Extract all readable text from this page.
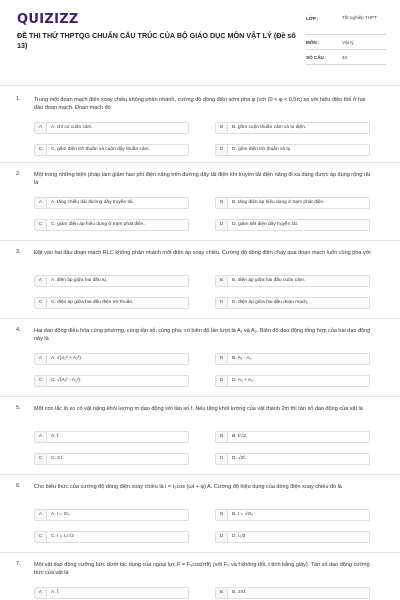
QUIZIZZ
ĐỀ THI THỬ THPTQG CHUẨN CẤU TRÚC CỦA BỘ GIÁO DỤC MÔN VẬT LÝ (Đề số 13)
LỚP :	Tốt nghiệp THPT
MÔN :	Vật lý
SỐ CÂU :	40
1. Trong một đoạn mạch điện xoay chiều không phân nhánh, cường độ dòng điện sớm pha φ (với (0 < φ < 0,5π) so với hiệu điện thế ở hai đầu đoạn mạch. Đoạn mạch đó
A	A. chỉ có cuộn cảm.	B	B. gồm cuộn thuần cảm và tụ điện.
C	C. gồm điện trở thuần và cuộn dây thuần cảm.	D	D. gồm điện trở thuần và tụ.
2. Một trong những biện pháp làm giảm hao phí điện năng trên đường dây tải điện khi truyền tải điện năng đi xa đang được áp dụng rộng rãi là
A	A. tăng chiều dài đường dây truyền tải.	B	B. tăng điện áp hiệu dụng ở trạm phát điện.
C	C. giảm điện áp hiệu dụng ở trạm phát điện.	D	D. giảm tiết diện dây truyền tải.
3. Đặt vào hai đầu đoạn mạch RLC không phân nhánh một điện áp xoay chiều. Cường độ dòng điện chạy qua đoạn mạch luôn cùng pha với
A	A. điện áp giữa hai đầu tụ.	B	B. điện áp giữa hai đầu cuộn cảm.
C	C. điện áp giữa hai đầu điện trở thuần.	D	D. điện áp giữa hai đầu đoạn mạch.
4. Hai dao động điều hòa cùng phương, cùng tần số, cùng pha, có biên độ lần lượt là A₁ và A₂. Biên độ dao động tổng hợp của hai dao động này là
A	A. √(A₁² + A₂²).	B	B. A₁ - A₂.
C	C. √(A₁² - A₂²).	D	D. A₁ + A₂.
5. Một con lắc lò xo có vật nặng khối lượng m dao động với tần số f. Nếu tăng khối lượng của vật thành 2m thì tần số dao động của vật là
A	A. f.	B	B. f/√2.
C	C. 2 f.	D	D. √2f.
6. Cho biểu thức của cường độ dòng điện xoay chiều là i = I₀cos (ωt + φ) A. Cường độ hiệu dụng của dòng điện xoay chiều đó là
A	A. I = 2I₀	B	B. I = √2I₀
C	C. I = I₀/√2	D	D. I₀/2
7. Một vật dao động cưỡng bức dưới tác dụng của ngoại lực F = F₀cos(πft) (với F₀ và f không đổi, t tính bằng giây). Tần số dao động cưỡng bức của vật là
A	A. f.	B	B. 2πf.
